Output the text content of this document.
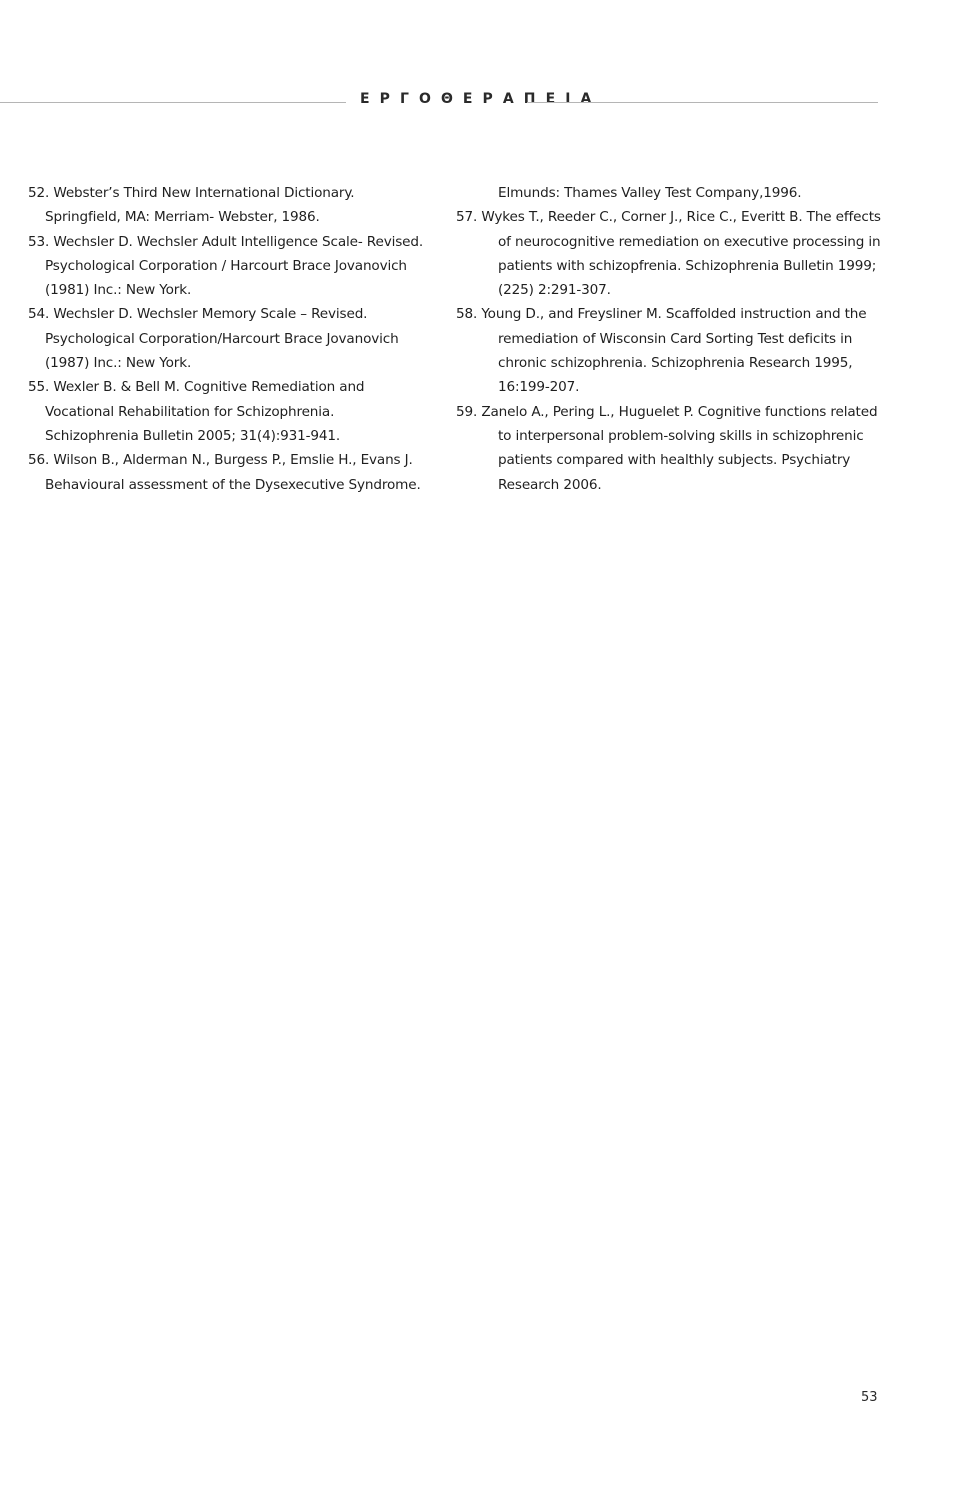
Ε Ρ Γ Ο Θ Ε Ρ Α Π Ε Ι Α

52. Webster’s Third New International Dictionary. Springfield, MA: Merriam- Webster, 1986.

53. Wechsler D. Wechsler Adult Intelligence Scale- Revised. Psychological Corporation / Harcourt Brace Jovanovich (1981) Inc.: New York.

54. Wechsler D. Wechsler Memory Scale – Revised. Psychological Corporation/Harcourt Brace Jovanovich (1987) Inc.: New York.

55. Wexler B. & Bell M. Cognitive Remediation and Vocational Rehabilitation for Schizophrenia. Schizophrenia Bulletin 2005; 31(4):931-941.

56. Wilson B., Alderman N., Burgess P., Emslie H., Evans J. Behavioural assessment of the Dysexecutive Syndrome.

Elmunds: Thames Valley Test Company,1996.

57. Wykes T., Reeder C., Corner J., Rice C., Everitt B. The effects of neurocognitive remediation on executive processing in patients with schizopfrenia. Schizophrenia Bulletin 1999; (225) 2:291-307.

58. Young D., and Freysliner M. Scaffolded instruction and the remediation of Wisconsin Card Sorting Test deficits in chronic schizophrenia. Schizophrenia Research 1995, 16:199-207.

59. Zanelo A., Pering L., Huguelet P. Cognitive functions related to interpersonal problem-solving skills in schizophrenic patients compared with healthly subjects. Psychiatry Research 2006.

53
